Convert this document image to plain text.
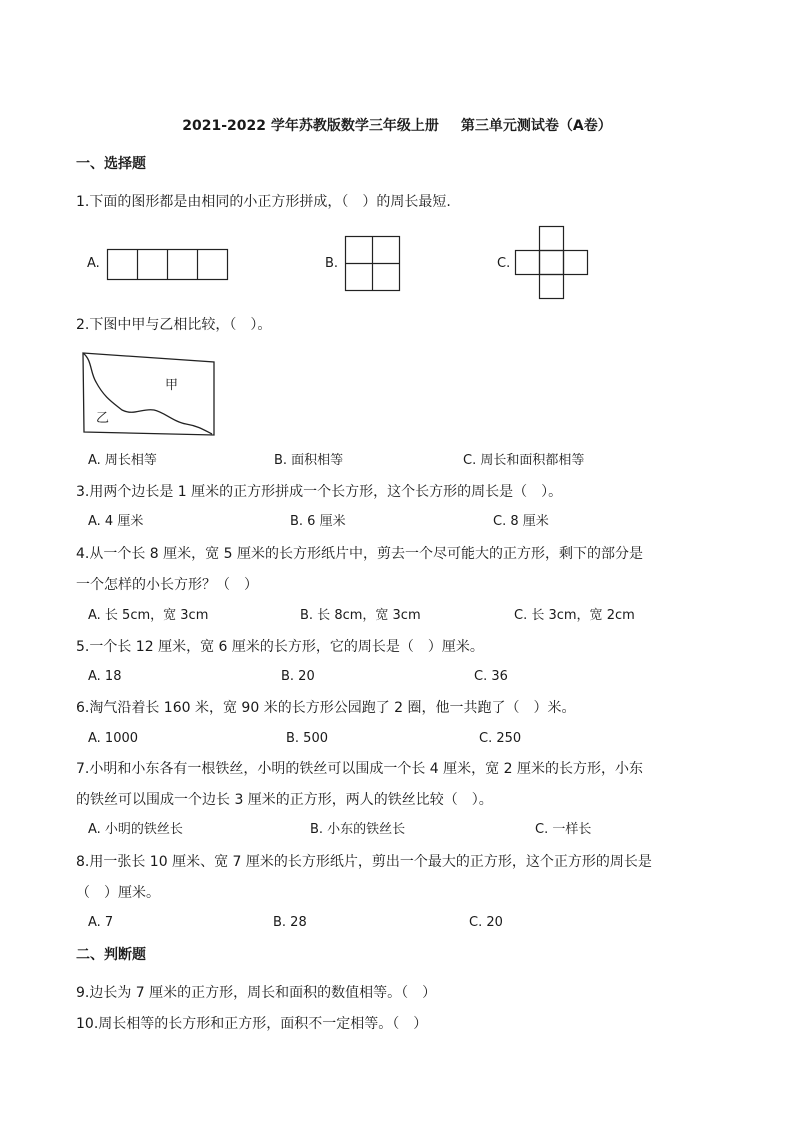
2021-2022 学年苏教版数学三年级上册 第三单元测试卷（A卷）
一、选择题
1.下面的图形都是由相同的小正方形拼成，（　）的周长最短.
A.	B.	C.
2.下图中甲与乙相比较，（　）。
甲
乙
A. 周长相等	B. 面积相等	C. 周长和面积都相等
3.用两个边长是 1 厘米的正方形拼成一个长方形，这个长方形的周长是（　）。
A. 4 厘米	B. 6 厘米	C. 8 厘米
4.从一个长 8 厘米，宽 5 厘米的长方形纸片中，剪去一个尽可能大的正方形，剩下的部分是
一个怎样的小长方形？（　）
A. 长 5cm，宽 3cm	B. 长 8cm，宽 3cm	C. 长 3cm，宽 2cm
5.一个长 12 厘米，宽 6 厘米的长方形，它的周长是（　）厘米。
A. 18	B. 20	C. 36
6.淘气沿着长 160 米，宽 90 米的长方形公园跑了 2 圈，他一共跑了（　）米。
A. 1000	B. 500	C. 250
7.小明和小东各有一根铁丝，小明的铁丝可以围成一个长 4 厘米，宽 2 厘米的长方形，小东
的铁丝可以围成一个边长 3 厘米的正方形，两人的铁丝比较（　）。
A. 小明的铁丝长	B. 小东的铁丝长	C. 一样长
8.用一张长 10 厘米、宽 7 厘米的长方形纸片，剪出一个最大的正方形，这个正方形的周长是
（　）厘米。
A. 7	B. 28	C. 20
二、判断题
9.边长为 7 厘米的正方形，周长和面积的数值相等。（　）
10.周长相等的长方形和正方形，面积不一定相等。（　）
